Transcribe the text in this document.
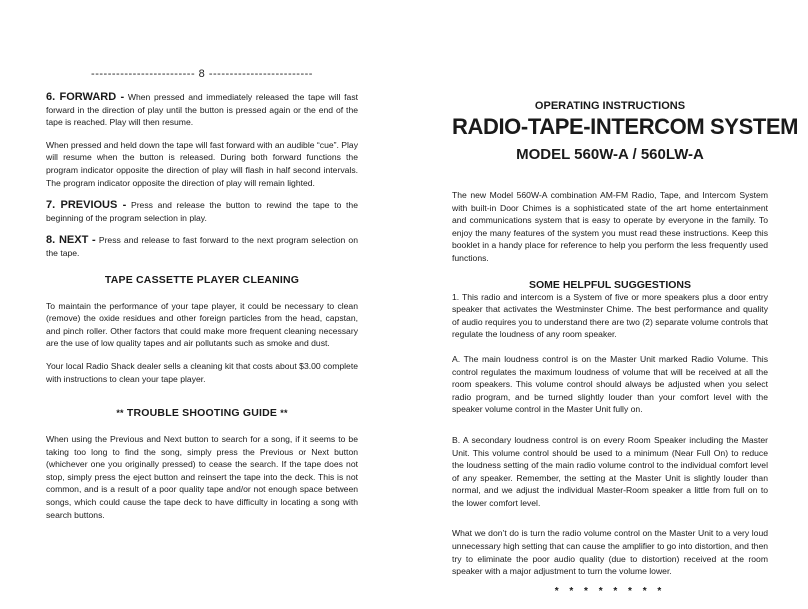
------------------------- 8 -------------------------

6. FORWARD - When pressed and immediately released the tape will fast forward in the direction of play until the button is pressed again or the end of the tape is reached. Play will then resume.

When pressed and held down the tape will fast forward with an audible “cue”. Play will resume when the button is released. During both forward functions the program indicator opposite the direction of play will flash in half second intervals. The program indicator opposite the direction of play will remain lighted.

7. PREVIOUS - Press and release the button to rewind the tape to the beginning of the program selection in play.

8. NEXT - Press and release to fast forward to the next program selection on the tape.

TAPE CASSETTE PLAYER CLEANING

To maintain the performance of your tape player, it could be necessary to clean (remove) the oxide residues and other foreign particles from the head, capstan, and pinch roller. Other factors that could make more frequent cleaning necessary are the use of low quality tapes and air pollutants such as smoke and dust.

Your local Radio Shack dealer sells a cleaning kit that costs about $3.00 complete with instructions to clean your tape player.

** TROUBLE SHOOTING GUIDE **

When using the Previous and Next button to search for a song, if it seems to be taking too long to find the song, simply press the Previous or Next button (whichever one you originally pressed) to cease the search. If the tape does not stop, simply press the eject button and reinsert the tape into the deck. This is not common, and is a result of a poor quality tape and/or not enough space between songs, which could cause the tape deck to have difficulty in locating a song with search buttons.

OPERATING INSTRUCTIONS
RADIO-TAPE-INTERCOM SYSTEM
MODEL 560W-A / 560LW-A

The new Model 560W-A combination AM-FM Radio, Tape, and Intercom System with built-in Door Chimes is a sophisticated state of the art home entertainment and communications system that is easy to operate by everyone in the family. To enjoy the many features of the system you must read these instructions. Keep this booklet in a handy place for reference to help you perform the less frequently used functions.

SOME HELPFUL SUGGESTIONS

1. This radio and intercom is a System of five or more speakers plus a door entry speaker that activates the Westminster Chime. The best performance and quality of audio requires you to understand there are two (2) separate volume controls that regulate the loudness of any room speaker.

A. The main loudness control is on the Master Unit marked Radio Volume. This control regulates the maximum loudness of volume that will be received at all the room speakers. This volume control should always be adjusted when you select radio program, and be turned slightly louder than your comfort level with the speaker volume control in the Master Unit fully on.

B. A secondary loudness control is on every Room Speaker including the Master Unit. This volume control should be used to a minimum (Near Full On) to reduce the loudness setting of the main radio volume control to the individual comfort level of any speaker. Remember, the setting at the Master Unit is slightly louder than normal, and we adjust the individual Master-Room speaker a little from full on to the lower comfort level.

What we don’t do is turn the radio volume control on the Master Unit to a very loud unnecessary high setting that can cause the amplifier to go into distortion, and then try to eliminate the poor audio quality (due to distortion) received at the room speaker with a major adjustment to turn the volume lower.

* * * * * * * *
